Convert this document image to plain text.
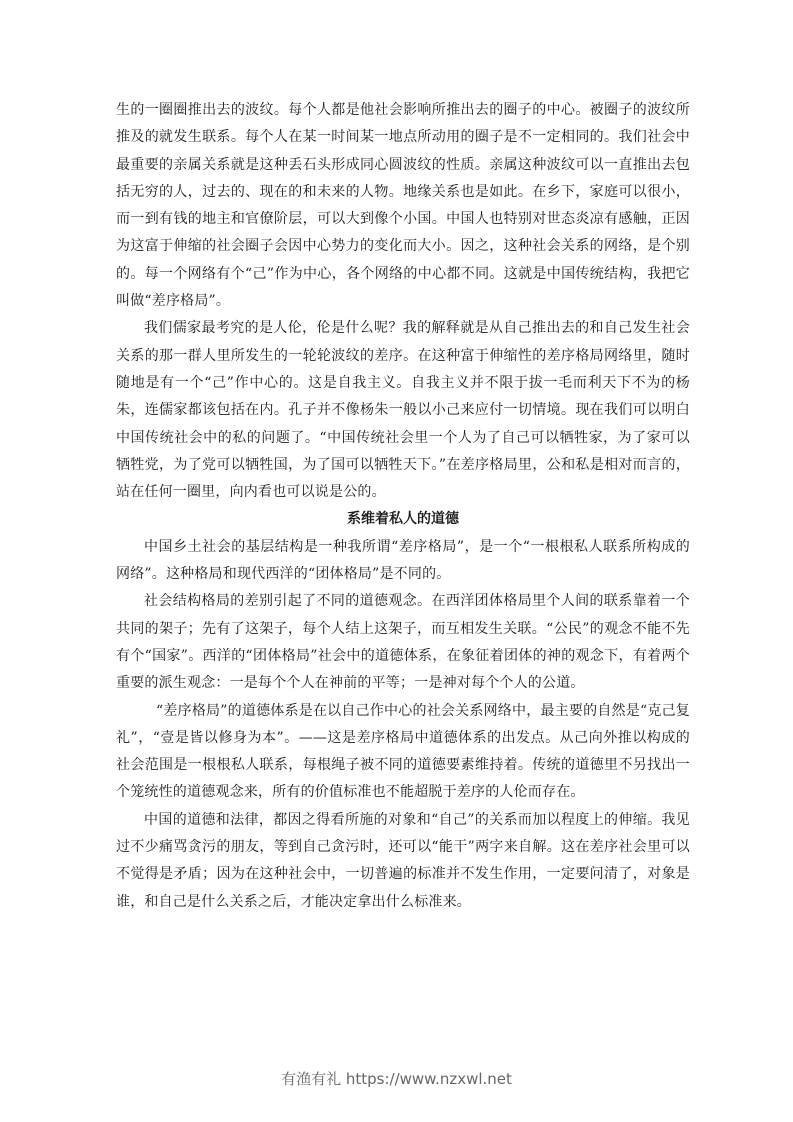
生的一圈圈推出去的波纹。每个人都是他社会影响所推出去的圈子的中心。被圈子的波纹所推及的就发生联系。每个人在某一时间某一地点所动用的圈子是不一定相同的。我们社会中最重要的亲属关系就是这种丢石头形成同心圆波纹的性质。亲属这种波纹可以一直推出去包括无穷的人，过去的、现在的和未来的人物。地缘关系也是如此。在乡下，家庭可以很小，而一到有钱的地主和官僚阶层，可以大到像个小国。中国人也特别对世态炎凉有感触，正因为这富于伸缩的社会圈子会因中心势力的变化而大小。因之，这种社会关系的网络，是个别的。每一个网络有个“己”作为中心，各个网络的中心都不同。这就是中国传统结构，我把它叫做“差序格局”。

我们儒家最考究的是人伦，伦是什么呢？我的解释就是从自己推出去的和自己发生社会关系的那一群人里所发生的一轮轮波纹的差序。在这种富于伸缩性的差序格局网络里，随时随地是有一个“己”作中心的。这是自我主义。自我主义并不限于拔一毛而利天下不为的杨朱，连儒家都该包括在内。孔子并不像杨朱一般以小己来应付一切情境。现在我们可以明白中国传统社会中的私的问题了。“中国传统社会里一个人为了自己可以牺牲家，为了家可以牺牲党，为了党可以牺牲国，为了国可以牺牲天下。”在差序格局里，公和私是相对而言的，站在任何一圈里，向内看也可以说是公的。

系维着私人的道德

中国乡土社会的基层结构是一种我所谓“差序格局”，是一个“一根根私人联系所构成的网络”。这种格局和现代西洋的“团体格局”是不同的。

社会结构格局的差别引起了不同的道德观念。在西洋团体格局里个人间的联系靠着一个共同的架子；先有了这架子，每个人结上这架子，而互相发生关联。“公民”的观念不能不先有个“国家”。西洋的“团体格局”社会中的道德体系，在象征着团体的神的观念下，有着两个重要的派生观念：一是每个个人在神前的平等；一是神对每个个人的公道。

“差序格局”的道德体系是在以自己作中心的社会关系网络中，最主要的自然是“克己复礼”，“壹是皆以修身为本”。——这是差序格局中道德体系的出发点。从己向外推以构成的社会范围是一根根私人联系，每根绳子被不同的道德要素维持着。传统的道德里不另找出一个笼统性的道德观念来，所有的价值标准也不能超脱于差序的人伦而存在。

中国的道德和法律，都因之得看所施的对象和“自己”的关系而加以程度上的伸缩。我见过不少痛骂贪污的朋友，等到自己贪污时，还可以“能干”两字来自解。这在差序社会里可以不觉得是矛盾；因为在这种社会中，一切普遍的标准并不发生作用，一定要问清了，对象是谁，和自己是什么关系之后，才能决定拿出什么标准来。

有渔有礼 https://www.nzxwl.net
